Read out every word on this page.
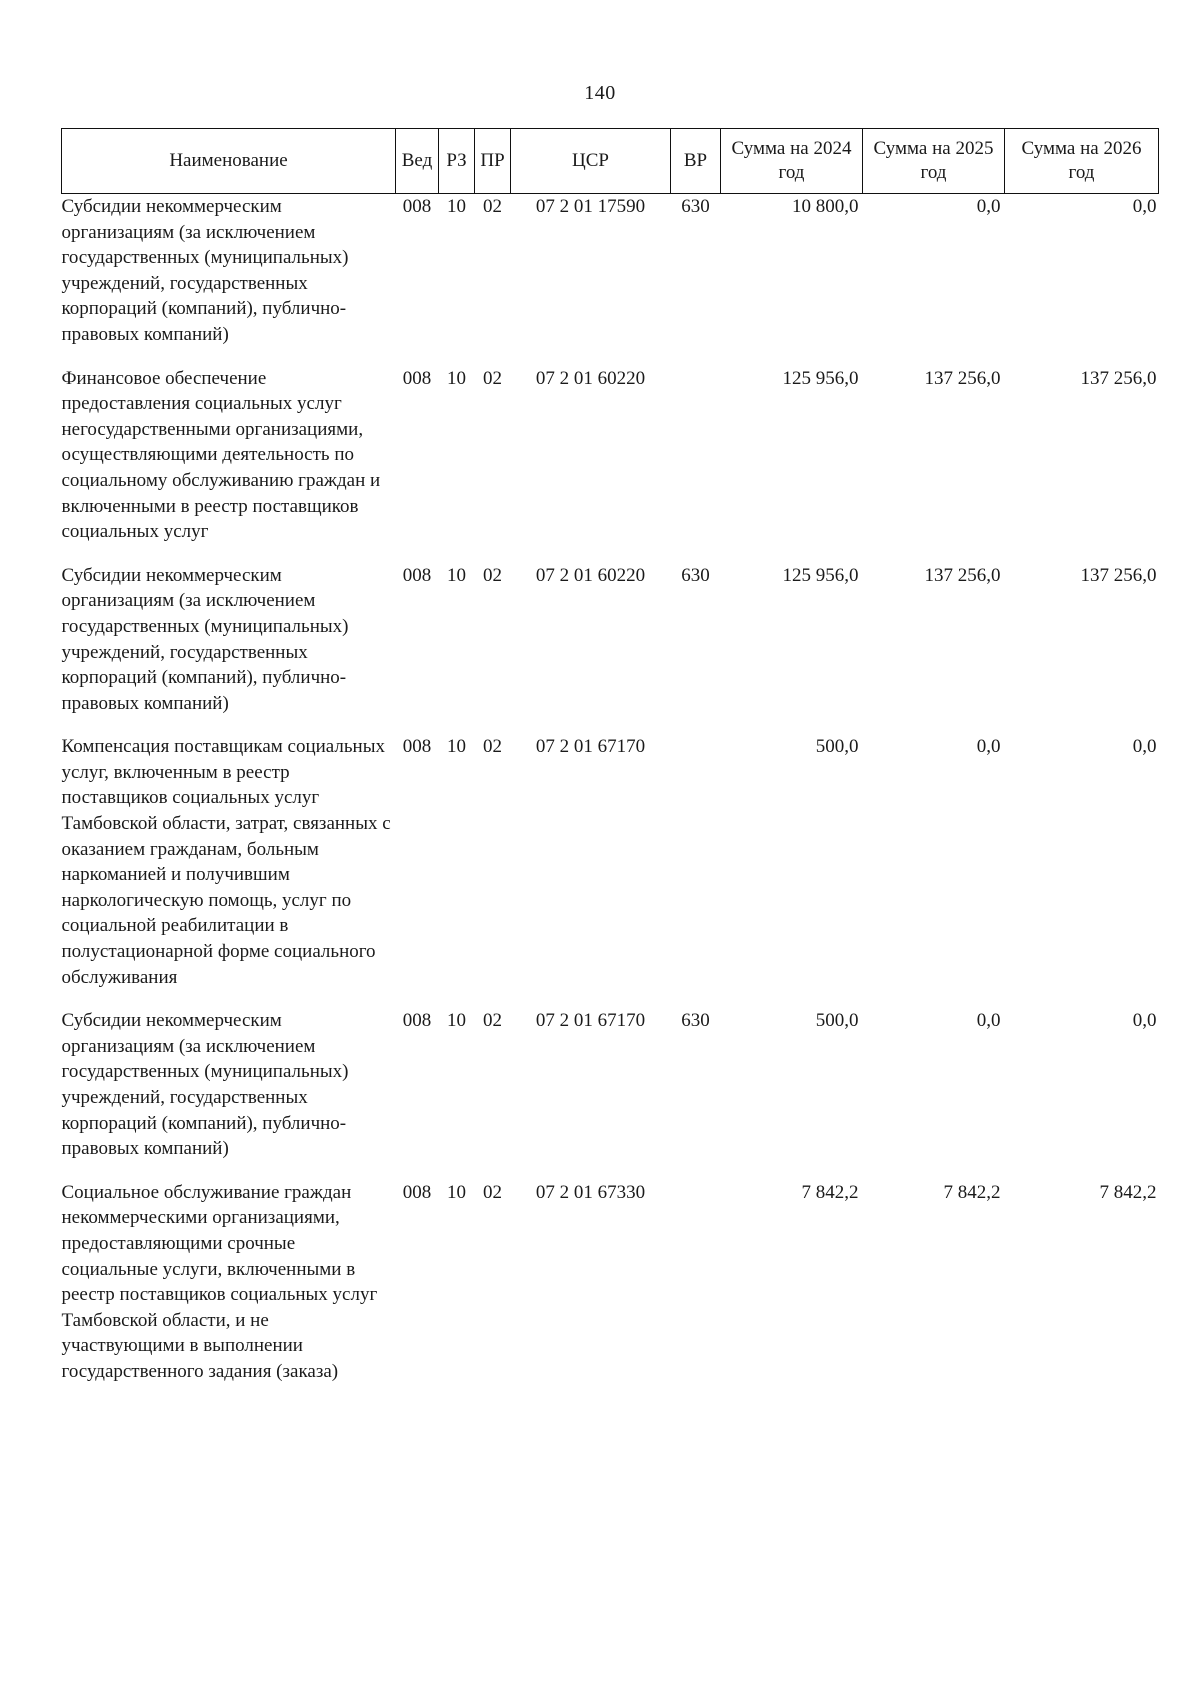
140
Наименование	Вед	РЗ	ПР	ЦСР	ВР	Сумма на 2024 год	Сумма на 2025 год	Сумма на 2026 год
Субсидии некоммерческим организациям (за исключением государственных (муниципальных) учреждений, государственных корпораций (компаний), публично-правовых компаний)	008	10	02	07 2 01 17590	630	10 800,0	0,0	0,0
Финансовое обеспечение предоставления социальных услуг негосударственными организациями, осуществляющими деятельность по социальному обслуживанию граждан и включенными в реестр поставщиков социальных услуг	008	10	02	07 2 01 60220		125 956,0	137 256,0	137 256,0
Субсидии некоммерческим организациям (за исключением государственных (муниципальных) учреждений, государственных корпораций (компаний), публично-правовых компаний)	008	10	02	07 2 01 60220	630	125 956,0	137 256,0	137 256,0
Компенсация поставщикам социальных услуг, включенным в реестр поставщиков социальных услуг Тамбовской области, затрат, связанных с оказанием гражданам, больным наркоманией и получившим наркологическую помощь, услуг по социальной реабилитации в полустационарной форме социального обслуживания	008	10	02	07 2 01 67170		500,0	0,0	0,0
Субсидии некоммерческим организациям (за исключением государственных (муниципальных) учреждений, государственных корпораций (компаний), публично-правовых компаний)	008	10	02	07 2 01 67170	630	500,0	0,0	0,0
Социальное обслуживание граждан некоммерческими организациями, предоставляющими срочные социальные услуги, включенными в реестр поставщиков социальных услуг Тамбовской области, и не участвующими в выполнении государственного задания (заказа)	008	10	02	07 2 01 67330		7 842,2	7 842,2	7 842,2
